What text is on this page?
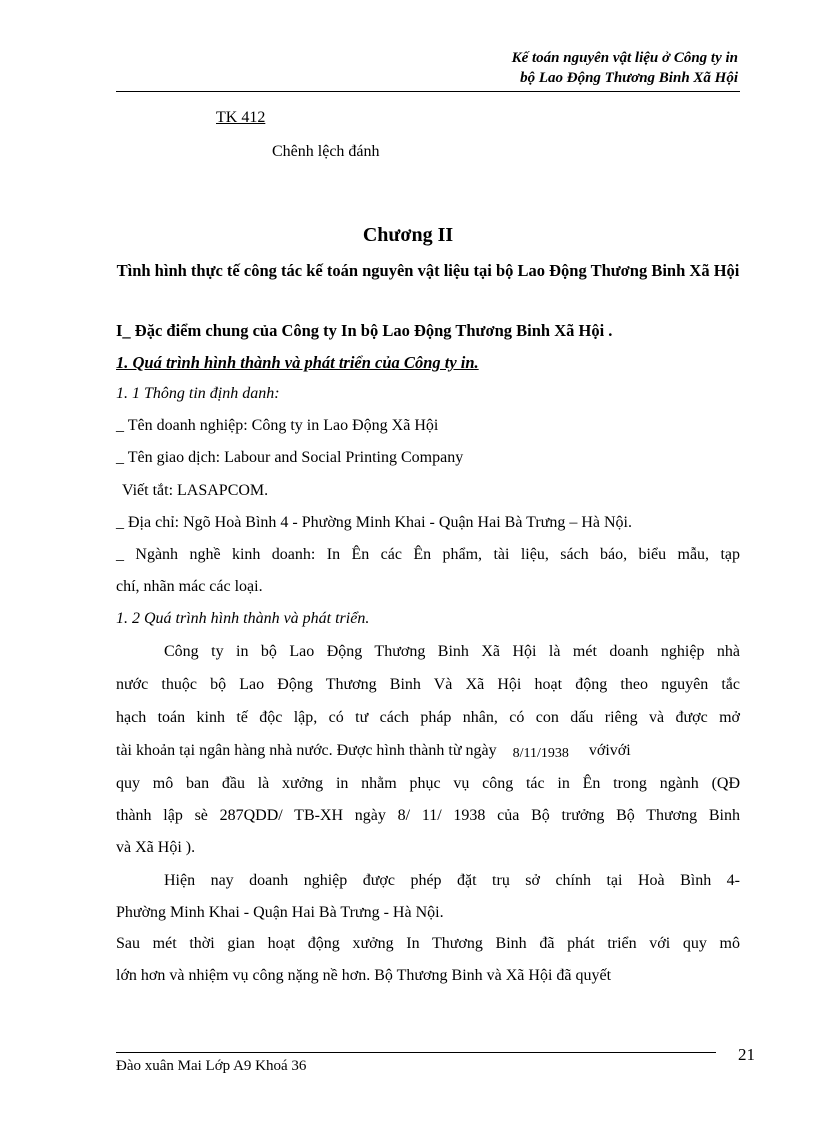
Kế toán nguyên vật liệu ở Công ty in
bộ Lao Động Thương Binh Xã Hội
TK 412
Chênh lệch đánh
Chương II
Tình hình thực tế công tác kế toán nguyên vật liệu tại bộ Lao Động Thương Binh Xã Hội
I_ Đặc điểm chung của Công ty In bộ Lao Động Thương Binh Xã Hội .
1. Quá trình hình thành và phát triển của Công ty in.
1. 1 Thông tin định danh:
_ Tên doanh nghiệp: Công ty in Lao Động Xã Hội
_ Tên giao dịch: Labour and Social Printing Company
Viết tắt: LASAPCOM.
_ Địa chỉ: Ngõ Hoà Bình 4 - Phường Minh Khai - Quận Hai Bà Trưng – Hà Nội.
_ Ngành nghề kinh doanh: In Ên các Ên phẩm, tài liệu, sách báo, biểu mẫu, tạp
chí, nhãn mác các loại.
1. 2 Quá trình hình thành và phát triển.
Công ty in bộ Lao Động Thương Binh Xã Hội là mét doanh nghiệp nhà
nước thuộc bộ Lao Động Thương Binh Và Xã Hội hoạt động theo nguyên tắc
hạch toán kinh tế độc lập, có tư cách pháp nhân, có con dấu riêng và được mở
tài khoản tại ngân hàng nhà nước. Được hình thành từ ngày 8/11/1938 vớivới
quy mô ban đầu là xưởng in nhằm phục vụ công tác in Ên trong ngành (QĐ
thành lập sè 287QDD/ TB-XH ngày 8/ 11/ 1938 của Bộ trưởng Bộ Thương Binh
và Xã Hội ).
Hiện nay doanh nghiệp được phép đặt trụ sở chính tại Hoà Bình 4-
Phường Minh Khai - Quận Hai Bà Trưng - Hà Nội.
Sau mét thời gian hoạt động xưởng In Thương Binh đã phát triển với quy mô
lớn hơn và nhiệm vụ công nặng nề hơn. Bộ Thương Binh và Xã Hội đã quyết
Đào xuân Mai Lớp A9 Khoá 36
21
